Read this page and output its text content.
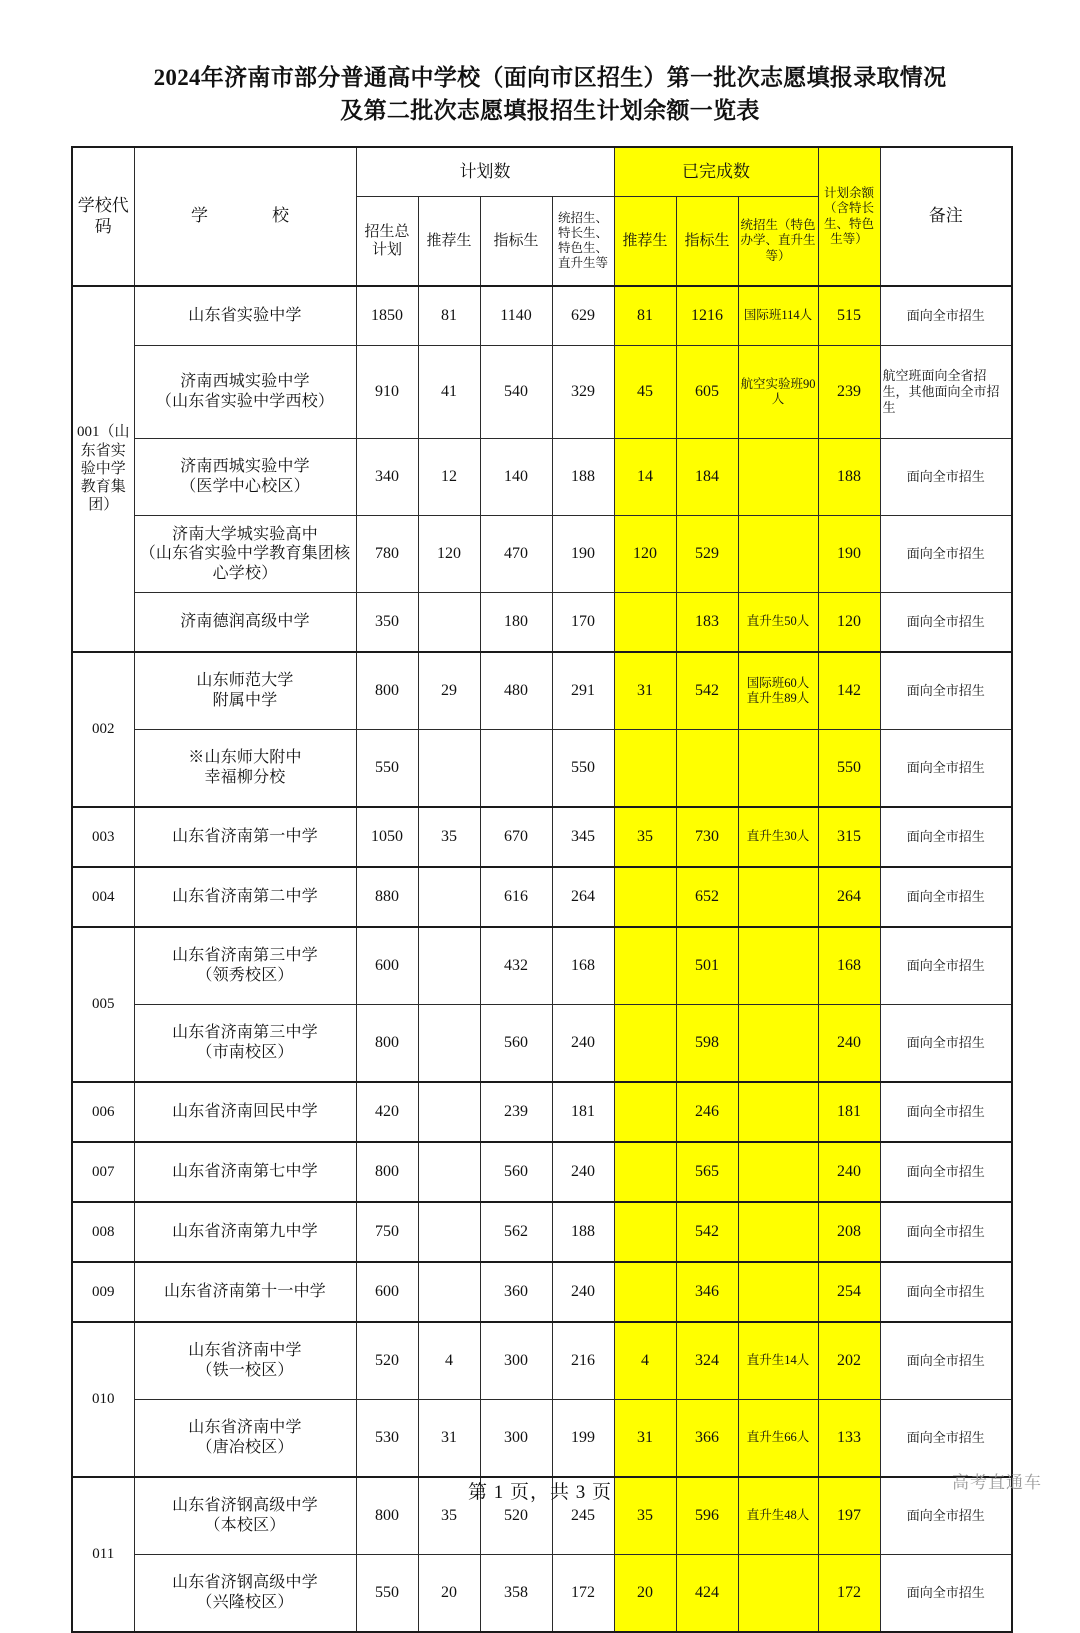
2024年济南市部分普通高中学校（面向市区招生）第一批次志愿填报录取情况
及第二批次志愿填报招生计划余额一览表
学校代码	学　　校	计划数				已完成数			计划余额（含特长生、特色生等）	备注
		招生总计划	推荐生	指标生	统招生、特长生、特色生、直升生等	推荐生	指标生	统招生（特色办学、直升生等）		
001（山东省实验中学教育集团）	山东省实验中学	1850	81	1140	629	81	1216	国际班114人	515	面向全市招生
	济南西城实验中学
（山东省实验中学西校）	910	41	540	329	45	605	航空实验班90人	239	航空班面向全省招生，其他面向全市招生
	济南西城实验中学
（医学中心校区）	340	12	140	188	14	184		188	面向全市招生
	济南大学城实验高中
（山东省实验中学教育集团核心学校）	780	120	470	190	120	529		190	面向全市招生
	济南德润高级中学	350		180	170		183	直升生50人	120	面向全市招生
002	山东师范大学
附属中学	800	29	480	291	31	542	国际班60人
直升生89人	142	面向全市招生
	※山东师大附中
幸福柳分校	550			550				550	面向全市招生
003	山东省济南第一中学	1050	35	670	345	35	730	直升生30人	315	面向全市招生
004	山东省济南第二中学	880		616	264		652		264	面向全市招生
005	山东省济南第三中学
（领秀校区）	600		432	168		501		168	面向全市招生
	山东省济南第三中学
（市南校区）	800		560	240		598		240	面向全市招生
006	山东省济南回民中学	420		239	181		246		181	面向全市招生
007	山东省济南第七中学	800		560	240		565		240	面向全市招生
008	山东省济南第九中学	750		562	188		542		208	面向全市招生
009	山东省济南第十一中学	600		360	240		346		254	面向全市招生
010	山东省济南中学
（铁一校区）	520	4	300	216	4	324	直升生14人	202	面向全市招生
	山东省济南中学
（唐冶校区）	530	31	300	199	31	366	直升生66人	133	面向全市招生
011	山东省济钢高级中学
（本校区）	800	35	520	245	35	596	直升生48人	197	面向全市招生
	山东省济钢高级中学
（兴隆校区）	550	20	358	172	20	424		172	面向全市招生
第 1 页，共 3 页	高考直通车
